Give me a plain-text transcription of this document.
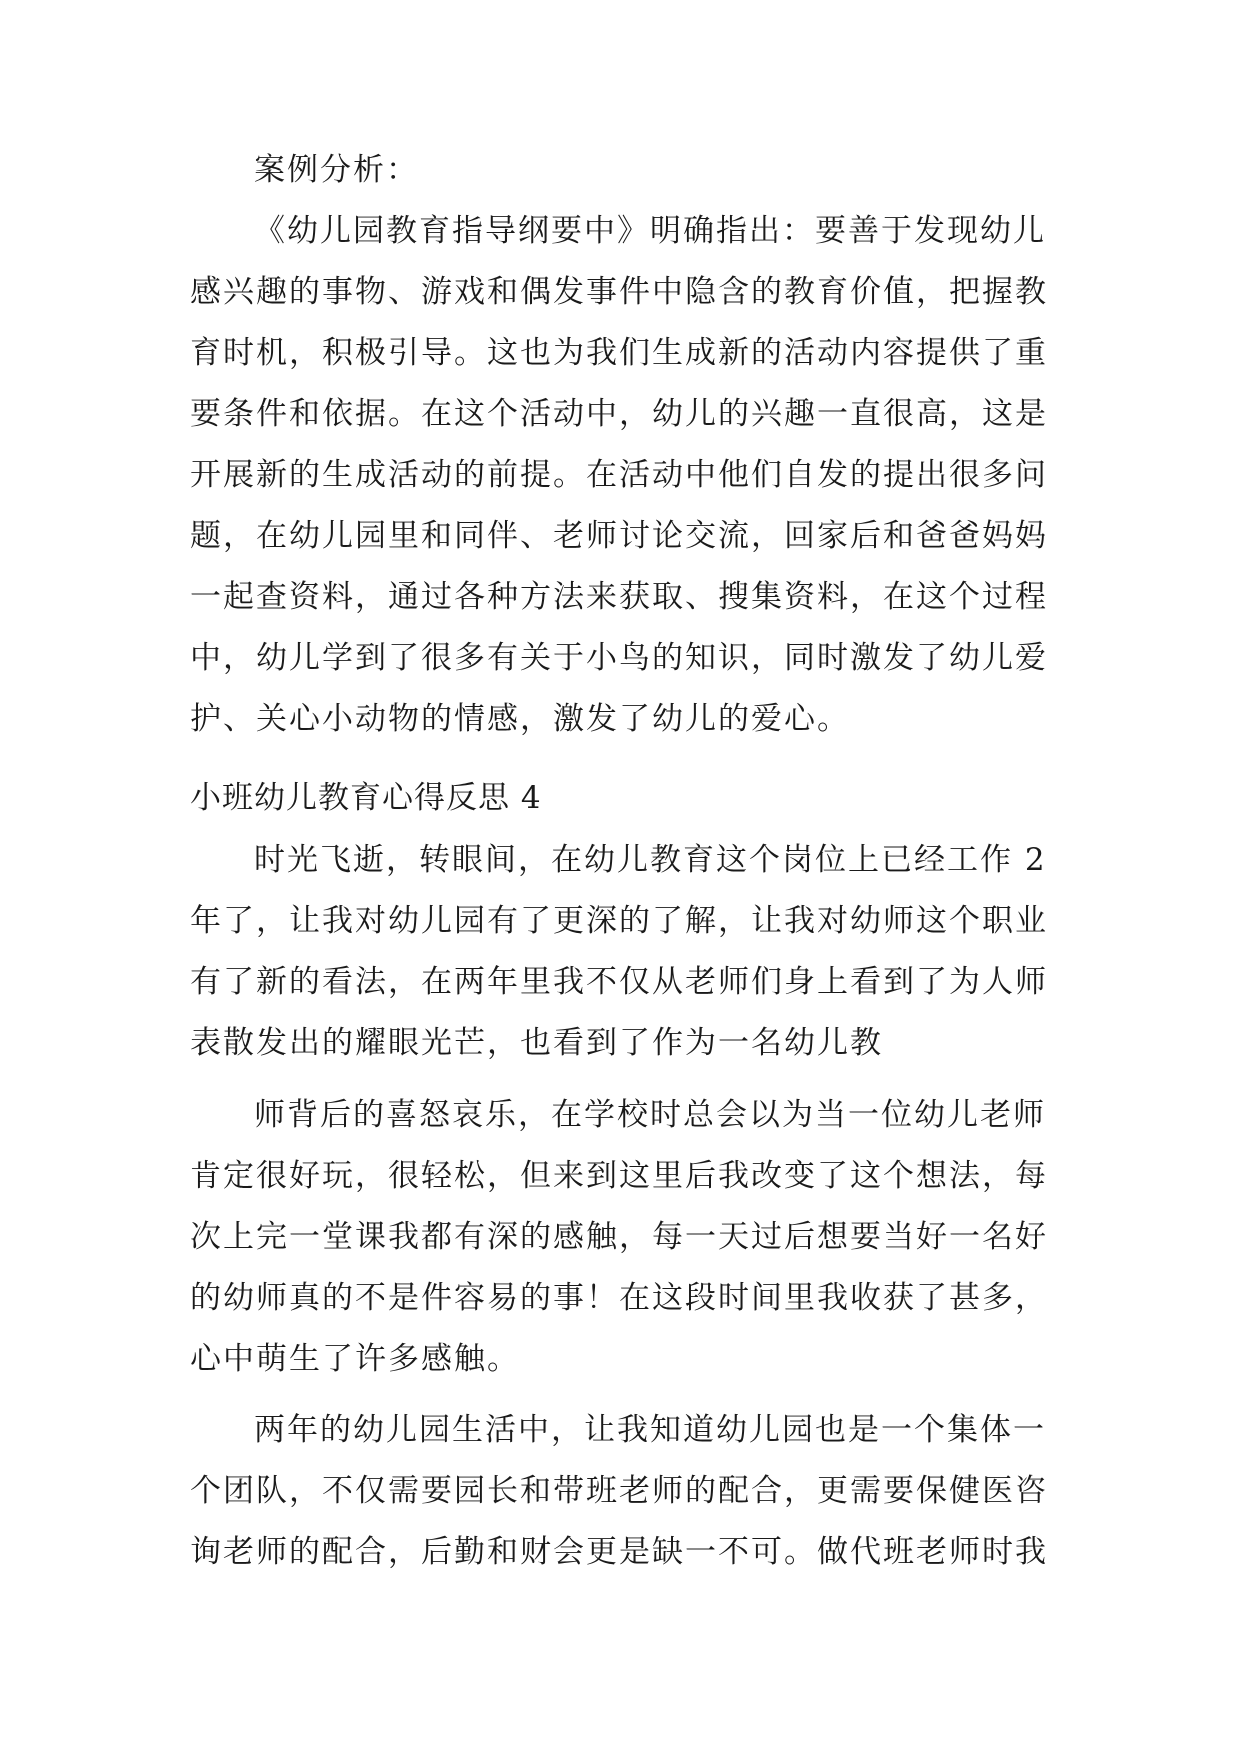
案例分析：

《幼儿园教育指导纲要中》明确指出：要善于发现幼儿感兴趣的事物、游戏和偶发事件中隐含的教育价值，把握教育时机，积极引导。这也为我们生成新的活动内容提供了重要条件和依据。在这个活动中，幼儿的兴趣一直很高，这是开展新的生成活动的前提。在活动中他们自发的提出很多问题，在幼儿园里和同伴、老师讨论交流，回家后和爸爸妈妈一起查资料，通过各种方法来获取、搜集资料，在这个过程中，幼儿学到了很多有关于小鸟的知识，同时激发了幼儿爱护、关心小动物的情感，激发了幼儿的爱心。

小班幼儿教育心得反思 4

时光飞逝，转眼间，在幼儿教育这个岗位上已经工作 2 年了，让我对幼儿园有了更深的了解，让我对幼师这个职业有了新的看法，在两年里我不仅从老师们身上看到了为人师表散发出的耀眼光芒，也看到了作为一名幼儿教

师背后的喜怒哀乐，在学校时总会以为当一位幼儿老师肯定很好玩，很轻松，但来到这里后我改变了这个想法，每次上完一堂课我都有深的感触，每一天过后想要当好一名好的幼师真的不是件容易的事！在这段时间里我收获了甚多，心中萌生了许多感触。

两年的幼儿园生活中，让我知道幼儿园也是一个集体一个团队，不仅需要园长和带班老师的配合，更需要保健医咨询老师的配合，后勤和财会更是缺一不可。做代班老师时我
